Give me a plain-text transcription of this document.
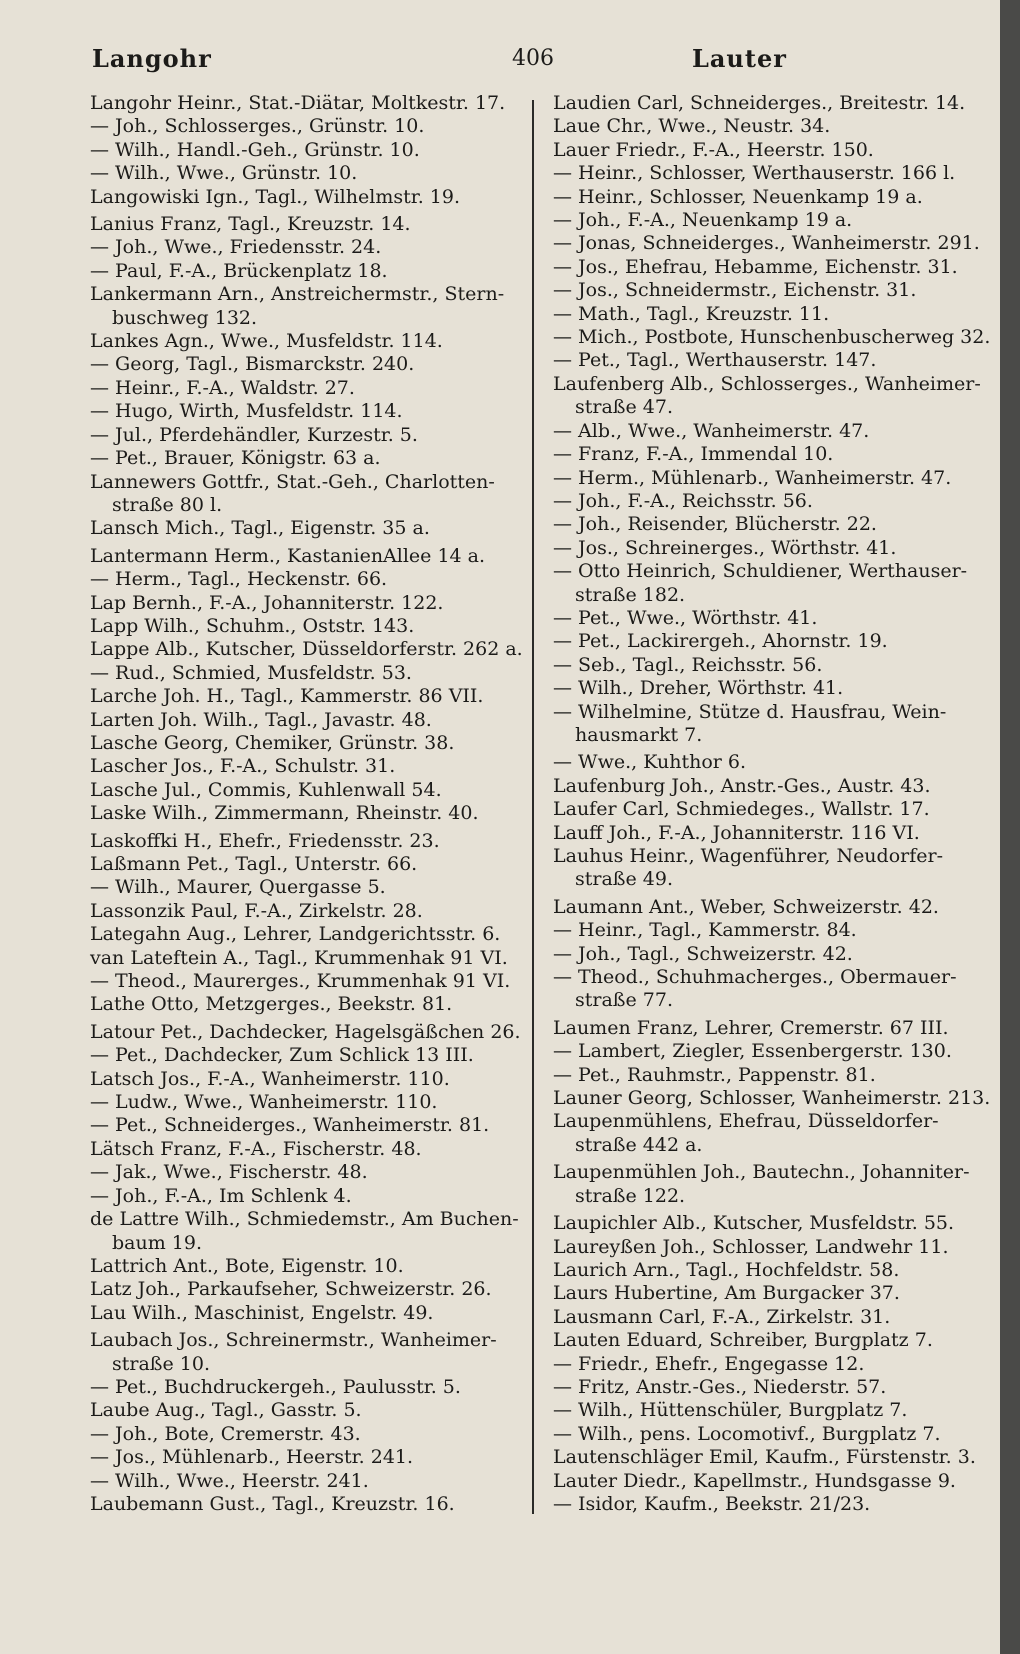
Langohr	406	Lauter
Langohr Heinr., Stat.-Diätar, Moltkestr. 17.
— Joh., Schlosserges., Grünstr. 10.
— Wilh., Handl.-Geh., Grünstr. 10.
— Wilh., Wwe., Grünstr. 10.
Langowiski Ign., Tagl., Wilhelmstr. 19.
Lanius Franz, Tagl., Kreuzstr. 14.
— Joh., Wwe., Friedensstr. 24.
— Paul, F.-A., Brückenplatz 18.
Lankermann Arn., Anstreichermstr., Stern-
buschweg 132.
Lankes Agn., Wwe., Musfeldstr. 114.
— Georg, Tagl., Bismarckstr. 240.
— Heinr., F.-A., Waldstr. 27.
— Hugo, Wirth, Musfeldstr. 114.
— Jul., Pferdehändler, Kurzestr. 5.
— Pet., Brauer, Königstr. 63 a.
Lannewers Gottfr., Stat.-Geh., Charlotten-
straße 80 l.
Lansch Mich., Tagl., Eigenstr. 35 a.
Lantermann Herm., KastanienAllee 14 a.
— Herm., Tagl., Heckenstr. 66.
Lap Bernh., F.-A., Johanniterstr. 122.
Lapp Wilh., Schuhm., Oststr. 143.
Lappe Alb., Kutscher, Düsseldorferstr. 262 a.
— Rud., Schmied, Musfeldstr. 53.
Larche Joh. H., Tagl., Kammerstr. 86 VII.
Larten Joh. Wilh., Tagl., Javastr. 48.
Lasche Georg, Chemiker, Grünstr. 38.
Lascher Jos., F.-A., Schulstr. 31.
Lasche Jul., Commis, Kuhlenwall 54.
Laske Wilh., Zimmermann, Rheinstr. 40.
Laskoffki H., Ehefr., Friedensstr. 23.
Laßmann Pet., Tagl., Unterstr. 66.
— Wilh., Maurer, Quergasse 5.
Lassonzik Paul, F.-A., Zirkelstr. 28.
Lategahn Aug., Lehrer, Landgerichtsstr. 6.
van Lateftein A., Tagl., Krummenhak 91 VI.
— Theod., Maurerges., Krummenhak 91 VI.
Lathe Otto, Metzgerges., Beekstr. 81.
Latour Pet., Dachdecker, Hagelsgäßchen 26.
— Pet., Dachdecker, Zum Schlick 13 III.
Latsch Jos., F.-A., Wanheimerstr. 110.
— Ludw., Wwe., Wanheimerstr. 110.
— Pet., Schneiderges., Wanheimerstr. 81.
Lätsch Franz, F.-A., Fischerstr. 48.
— Jak., Wwe., Fischerstr. 48.
— Joh., F.-A., Im Schlenk 4.
de Lattre Wilh., Schmiedemstr., Am Buchen-
baum 19.
Lattrich Ant., Bote, Eigenstr. 10.
Latz Joh., Parkaufseher, Schweizerstr. 26.
Lau Wilh., Maschinist, Engelstr. 49.
Laubach Jos., Schreinermstr., Wanheimer-
straße 10.
— Pet., Buchdruckergeh., Paulusstr. 5.
Laube Aug., Tagl., Gasstr. 5.
— Joh., Bote, Cremerstr. 43.
— Jos., Mühlenarb., Heerstr. 241.
— Wilh., Wwe., Heerstr. 241.
Laubemann Gust., Tagl., Kreuzstr. 16.
Laudien Carl, Schneiderges., Breitestr. 14.
Laue Chr., Wwe., Neustr. 34.
Lauer Friedr., F.-A., Heerstr. 150.
— Heinr., Schlosser, Werthauserstr. 166 l.
— Heinr., Schlosser, Neuenkamp 19 a.
— Joh., F.-A., Neuenkamp 19 a.
— Jonas, Schneiderges., Wanheimerstr. 291.
— Jos., Ehefrau, Hebamme, Eichenstr. 31.
— Jos., Schneidermstr., Eichenstr. 31.
— Math., Tagl., Kreuzstr. 11.
— Mich., Postbote, Hunschenbuscherweg 32.
— Pet., Tagl., Werthauserstr. 147.
Laufenberg Alb., Schlosserges., Wanheimer-
straße 47.
— Alb., Wwe., Wanheimerstr. 47.
— Franz, F.-A., Immendal 10.
— Herm., Mühlenarb., Wanheimerstr. 47.
— Joh., F.-A., Reichsstr. 56.
— Joh., Reisender, Blücherstr. 22.
— Jos., Schreinerges., Wörthstr. 41.
— Otto Heinrich, Schuldiener, Werthauser-
straße 182.
— Pet., Wwe., Wörthstr. 41.
— Pet., Lackirergeh., Ahornstr. 19.
— Seb., Tagl., Reichsstr. 56.
— Wilh., Dreher, Wörthstr. 41.
— Wilhelmine, Stütze d. Hausfrau, Wein-
hausmarkt 7.
— Wwe., Kuhthor 6.
Laufenburg Joh., Anstr.-Ges., Austr. 43.
Laufer Carl, Schmiedeges., Wallstr. 17.
Lauff Joh., F.-A., Johanniterstr. 116 VI.
Lauhus Heinr., Wagenführer, Neudorfer-
straße 49.
Laumann Ant., Weber, Schweizerstr. 42.
— Heinr., Tagl., Kammerstr. 84.
— Joh., Tagl., Schweizerstr. 42.
— Theod., Schuhmacherges., Obermauer-
straße 77.
Laumen Franz, Lehrer, Cremerstr. 67 III.
— Lambert, Ziegler, Essenbergerstr. 130.
— Pet., Rauhmstr., Pappenstr. 81.
Launer Georg, Schlosser, Wanheimerstr. 213.
Laupenmühlens, Ehefrau, Düsseldorfer-
straße 442 a.
Laupenmühlen Joh., Bautechn., Johanniter-
straße 122.
Laupichler Alb., Kutscher, Musfeldstr. 55.
Laureyßen Joh., Schlosser, Landwehr 11.
Laurich Arn., Tagl., Hochfeldstr. 58.
Laurs Hubertine, Am Burgacker 37.
Lausmann Carl, F.-A., Zirkelstr. 31.
Lauten Eduard, Schreiber, Burgplatz 7.
— Friedr., Ehefr., Engegasse 12.
— Fritz, Anstr.-Ges., Niederstr. 57.
— Wilh., Hüttenschüler, Burgplatz 7.
— Wilh., pens. Locomotivf., Burgplatz 7.
Lautenschläger Emil, Kaufm., Fürstenstr. 3.
Lauter Diedr., Kapellmstr., Hundsgasse 9.
— Isidor, Kaufm., Beekstr. 21/23.
